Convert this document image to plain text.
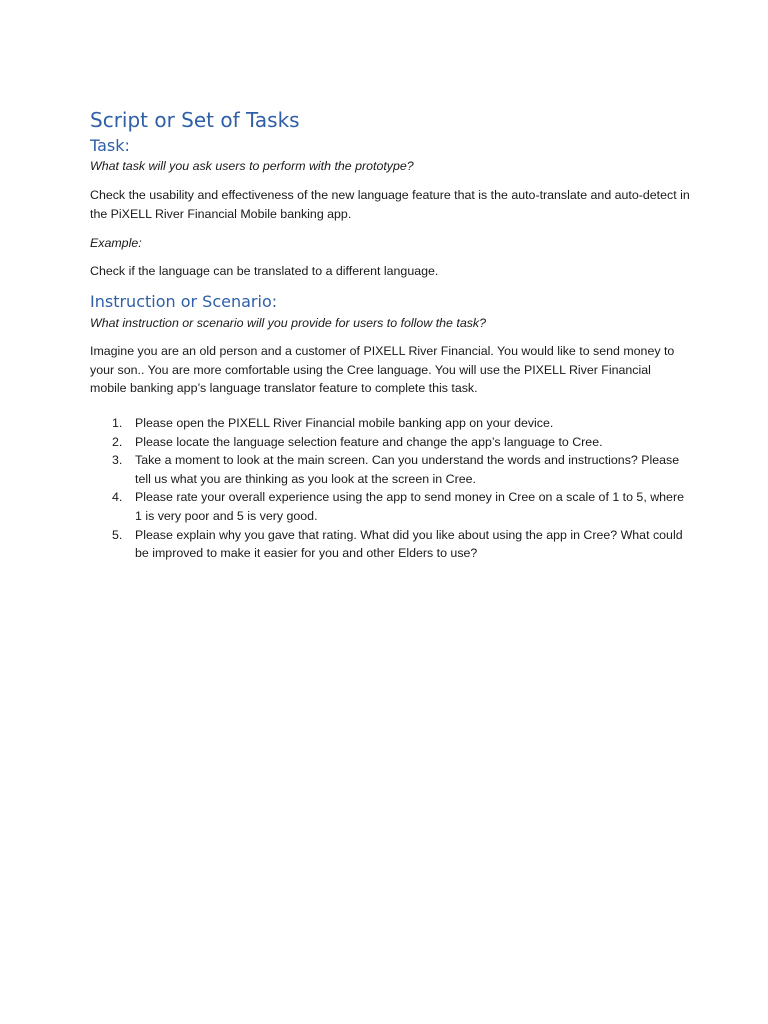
Script or Set of Tasks
Task:

What task will you ask users to perform with the prototype?

Check the usability and effectiveness of the new language feature that is the auto-translate and auto-detect in the PiXELL River Financial Mobile banking app.

Example:

Check if the language can be translated to a different language.

Instruction or Scenario:

What instruction or scenario will you provide for users to follow the task?

Imagine you are an old person and a customer of PIXELL River Financial. You would like to send money to your son.. You are more comfortable using the Cree language. You will use the PIXELL River Financial mobile banking app’s language translator feature to complete this task.

1. Please open the PIXELL River Financial mobile banking app on your device.
2. Please locate the language selection feature and change the app’s language to Cree.
3. Take a moment to look at the main screen. Can you understand the words and instructions? Please tell us what you are thinking as you look at the screen in Cree.
4. Please rate your overall experience using the app to send money in Cree on a scale of 1 to 5, where 1 is very poor and 5 is very good.
5. Please explain why you gave that rating. What did you like about using the app in Cree? What could be improved to make it easier for you and other Elders to use?
